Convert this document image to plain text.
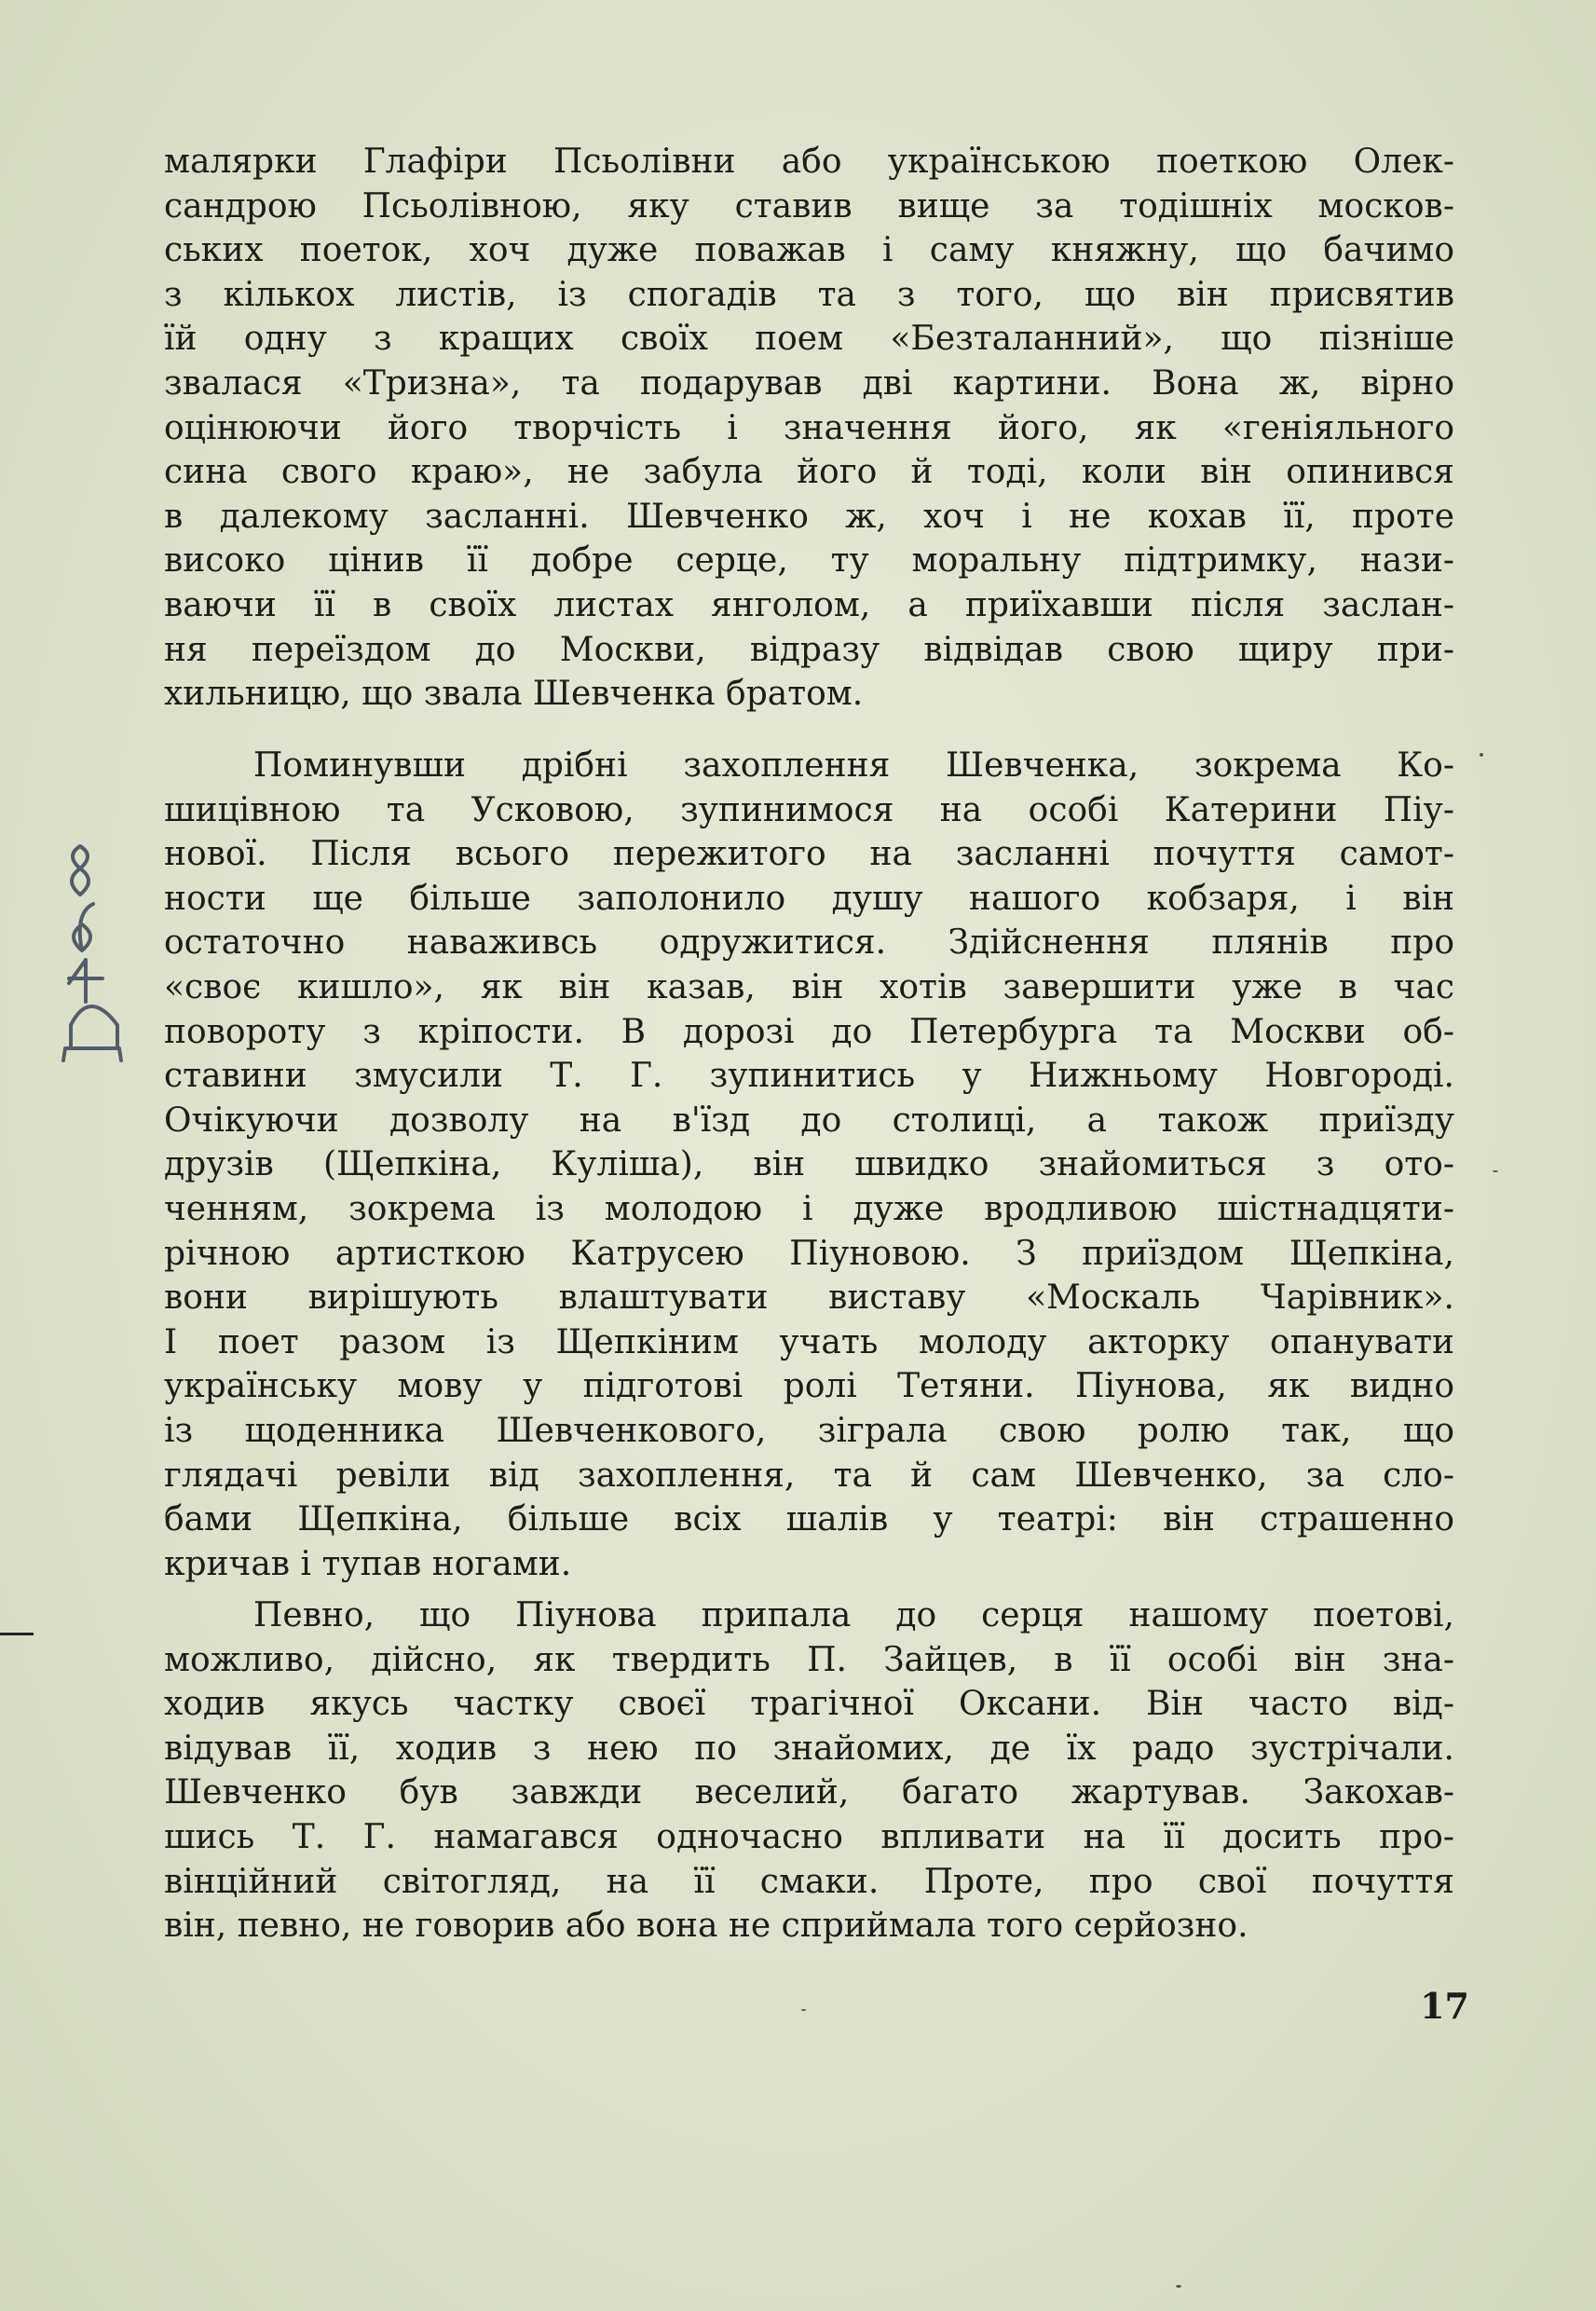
малярки Глафіри Псьолівни або українською поеткою Олек-
сандрою Псьолівною, яку ставив вище за тодішніх москов-
ських поеток, хоч дуже поважав і саму княжну, що бачимо
з кількох листів, із спогадів та з того, що він присвятив
їй одну з кращих своїх поем «Безталанний», що пізніше
звалася «Тризна», та подарував дві картини. Вона ж, вірно
оцінюючи його творчість і значення його, як «геніяльного
сина свого краю», не забула його й тоді, коли він опинився
в далекому засланні. Шевченко ж, хоч і не кохав її, проте
високо цінив її добре серце, ту моральну підтримку, нази-
ваючи її в своїх листах янголом, а приїхавши після заслан-
ня переїздом до Москви, відразу відвідав свою щиру при-
хильницю, що звала Шевченка братом.
Поминувши дрібні захоплення Шевченка, зокрема Ко-
шицівною та Усковою, зупинимося на особі Катерини Піу-
нової. Після всього пережитого на засланні почуття самот-
ности ще більше заполонило душу нашого кобзаря, і він
остаточно наваживсь одружитися. Здійснення плянів про
«своє кишло», як він казав, він хотів завершити уже в час
повороту з кріпости. В дорозі до Петербурга та Москви об-
ставини змусили Т. Г. зупинитись у Нижньому Новгороді.
Очікуючи дозволу на в'їзд до столиці, а також приїзду
друзів (Щепкіна, Куліша), він швидко знайомиться з ото-
ченням, зокрема із молодою і дуже вродливою шістнадцяти-
річною артисткою Катрусею Піуновою. З приїздом Щепкіна,
вони вирішують влаштувати виставу «Москаль Чарівник».
І поет разом із Щепкіним учать молоду акторку опанувати
українську мову у підготові ролі Тетяни. Піунова, як видно
із щоденника Шевченкового, зіграла свою ролю так, що
глядачі ревіли від захоплення, та й сам Шевченко, за сло-
бами Щепкіна, більше всіх шалів у театрі: він страшенно
кричав і тупав ногами.
Певно, що Піунова припала до серця нашому поетові,
можливо, дійсно, як твердить П. Зайцев, в її особі він зна-
ходив якусь частку своєї трагічної Оксани. Він часто від-
відував її, ходив з нею по знайомих, де їх радо зустрічали.
Шевченко був завжди веселий, багато жартував. Закохав-
шись Т. Г. намагався одночасно впливати на її досить про-
вінційний світогляд, на її смаки. Проте, про свої почуття
він, певно, не говорив або вона не сприймала того серйозно.
17
